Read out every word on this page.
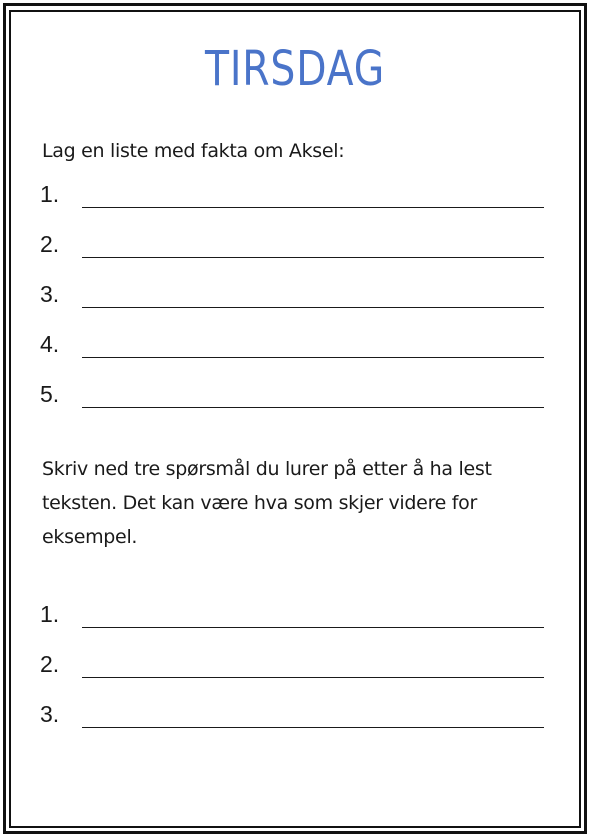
TIRSDAG
Lag en liste med fakta om Aksel:
1.
2.
3.
4.
5.
Skriv ned tre spørsmål du lurer på etter å ha lest teksten. Det kan være hva som skjer videre for eksempel.
1.
2.
3.
